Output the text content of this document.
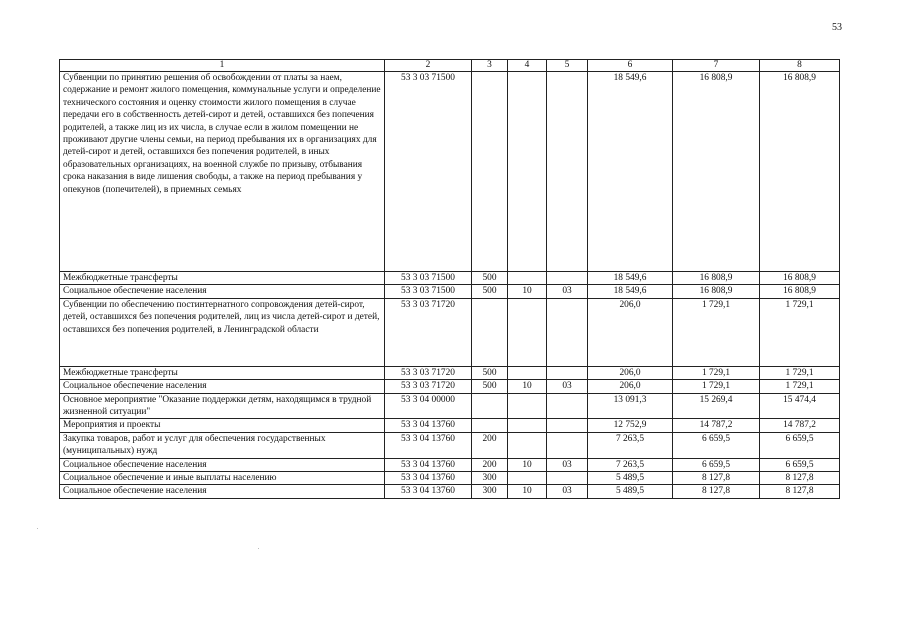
53
1	2	3	4	5	6	7	8
Субвенции по принятию решения об освобождении от платы за наем, содержание и ремонт жилого помещения, коммунальные услуги и определение технического состояния и оценку стоимости жилого помещения в случае передачи его в собственность детей-сирот и детей, оставшихся без попечения родителей, а также лиц из их числа, в случае если в жилом помещении не проживают другие члены семьи, на период пребывания их в организациях для детей-сирот и детей, оставшихся без попечения родителей, в иных образовательных организациях, на военной службе по призыву, отбывания срока наказания в виде лишения свободы, а также на период пребывания у опекунов (попечителей), в приемных семьях	53 3 03 71500				18 549,6	16 808,9	16 808,9
Межбюджетные трансферты	53 3 03 71500	500			18 549,6	16 808,9	16 808,9
Социальное обеспечение населения	53 3 03 71500	500	10	03	18 549,6	16 808,9	16 808,9
Субвенции по обеспечению постинтернатного сопровождения детей-сирот, детей, оставшихся без попечения родителей, лиц из числа детей-сирот и детей, оставшихся без попечения родителей, в Ленинградской области	53 3 03 71720				206,0	1 729,1	1 729,1
Межбюджетные трансферты	53 3 03 71720	500			206,0	1 729,1	1 729,1
Социальное обеспечение населения	53 3 03 71720	500	10	03	206,0	1 729,1	1 729,1
Основное мероприятие "Оказание поддержки детям, находящимся в трудной жизненной ситуации"	53 3 04 00000				13 091,3	15 269,4	15 474,4
Мероприятия и проекты	53 3 04 13760				12 752,9	14 787,2	14 787,2
Закупка товаров, работ и услуг для обеспечения государственных (муниципальных) нужд	53 3 04 13760	200			7 263,5	6 659,5	6 659,5
Социальное обеспечение населения	53 3 04 13760	200	10	03	7 263,5	6 659,5	6 659,5
Социальное обеспечение и иные выплаты населению	53 3 04 13760	300			5 489,5	8 127,8	8 127,8
Социальное обеспечение населения	53 3 04 13760	300	10	03	5 489,5	8 127,8	8 127,8
